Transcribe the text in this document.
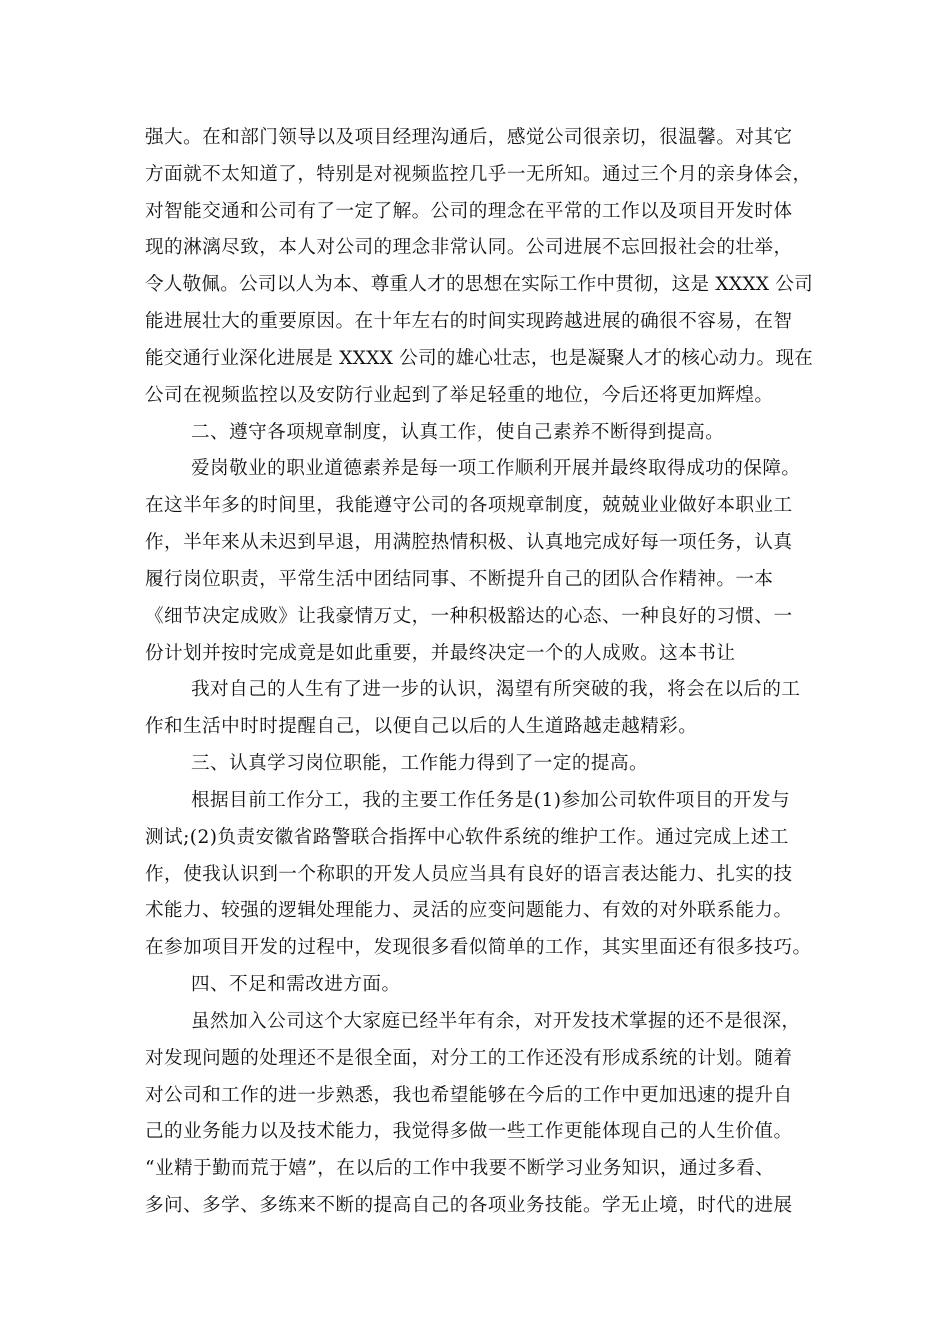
强大。在和部门领导以及项目经理沟通后，感觉公司很亲切，很温馨。对其它
方面就不太知道了，特别是对视频监控几乎一无所知。通过三个月的亲身体会，
对智能交通和公司有了一定了解。公司的理念在平常的工作以及项目开发时体
现的淋漓尽致，本人对公司的理念非常认同。公司进展不忘回报社会的壮举，
令人敬佩。公司以人为本、尊重人才的思想在实际工作中贯彻，这是 XXXX 公司
能进展壮大的重要原因。在十年左右的时间实现跨越进展的确很不容易，在智
能交通行业深化进展是 XXXX 公司的雄心壮志，也是凝聚人才的核心动力。现在
公司在视频监控以及安防行业起到了举足轻重的地位，今后还将更加辉煌。
二、遵守各项规章制度，认真工作，使自己素养不断得到提高。
爱岗敬业的职业道德素养是每一项工作顺利开展并最终取得成功的保障。
在这半年多的时间里，我能遵守公司的各项规章制度，兢兢业业做好本职业工
作，半年来从未迟到早退，用满腔热情积极、认真地完成好每一项任务，认真
履行岗位职责，平常生活中团结同事、不断提升自己的团队合作精神。一本
《细节决定成败》让我豪情万丈，一种积极豁达的心态、一种良好的习惯、一
份计划并按时完成竟是如此重要，并最终决定一个的人成败。这本书让
我对自己的人生有了进一步的认识，渴望有所突破的我，将会在以后的工
作和生活中时时提醒自己，以便自己以后的人生道路越走越精彩。
三、认真学习岗位职能，工作能力得到了一定的提高。
根据目前工作分工，我的主要工作任务是(1)参加公司软件项目的开发与
测试;(2)负责安徽省路警联合指挥中心软件系统的维护工作。通过完成上述工
作，使我认识到一个称职的开发人员应当具有良好的语言表达能力、扎实的技
术能力、较强的逻辑处理能力、灵活的应变问题能力、有效的对外联系能力。
在参加项目开发的过程中，发现很多看似简单的工作，其实里面还有很多技巧。
四、不足和需改进方面。
虽然加入公司这个大家庭已经半年有余，对开发技术掌握的还不是很深，
对发现问题的处理还不是很全面，对分工的工作还没有形成系统的计划。随着
对公司和工作的进一步熟悉，我也希望能够在今后的工作中更加迅速的提升自
己的业务能力以及技术能力，我觉得多做一些工作更能体现自己的人生价值。
“业精于勤而荒于嬉”，在以后的工作中我要不断学习业务知识，通过多看、
多问、多学、多练来不断的提高自己的各项业务技能。学无止境，时代的进展
